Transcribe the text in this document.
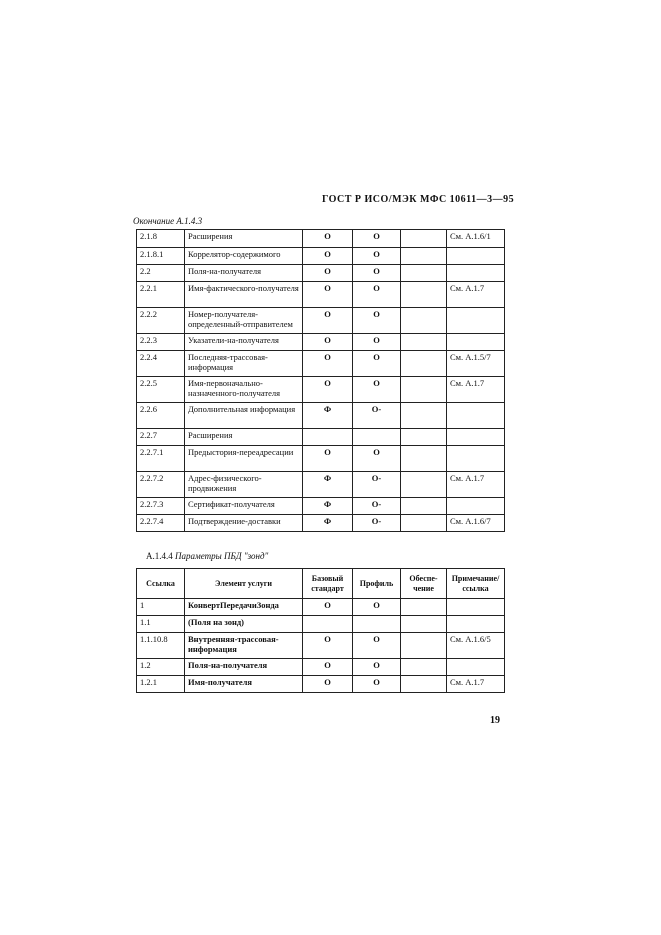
ГОСТ Р ИСО/МЭК МФС 10611—3—95
Окончание А.1.4.3
2.1.8	Расширения	О	О		См. А.1.6/1
2.1.8.1	Коррелятор-содержимого	О	О		
2.2	Поля-на-получателя	О	О		
2.2.1	Имя-фактического-получателя	О	О		См. А.1.7
2.2.2	Номер-получателя-определенный-отправителем	О	О		
2.2.3	Указатели-на-получателя	О	О		
2.2.4	Последняя-трассовая-информация	О	О		См. А.1.5/7
2.2.5	Имя-первоначально-назначенного-получателя	О	О		См. А.1.7
2.2.6	Дополнительная информация	Ф	О-		
2.2.7	Расширения				
2.2.7.1	Предыстория-переадресации	О	О		
2.2.7.2	Адрес-физического-продвижения	Ф	О-		См. А.1.7
2.2.7.3	Сертификат-получателя	Ф	О-		
2.2.7.4	Подтверждение-доставки	Ф	О-		См. А.1.6/7
А.1.4.4 Параметры ПБД "зонд"
Ссылка	Элемент услуги	Базовый стандарт	Профиль	Обеспе-чение	Примечание/ ссылка
1	КонвертПередачиЗонда	О	О		
1.1	(Поля на зонд)				
1.1.10.8	Внутренняя-трассовая-информация	О	О		См. А.1.6/5
1.2	Поля-на-получателя	О	О		
1.2.1	Имя-получателя	О	О		См. А.1.7
19
